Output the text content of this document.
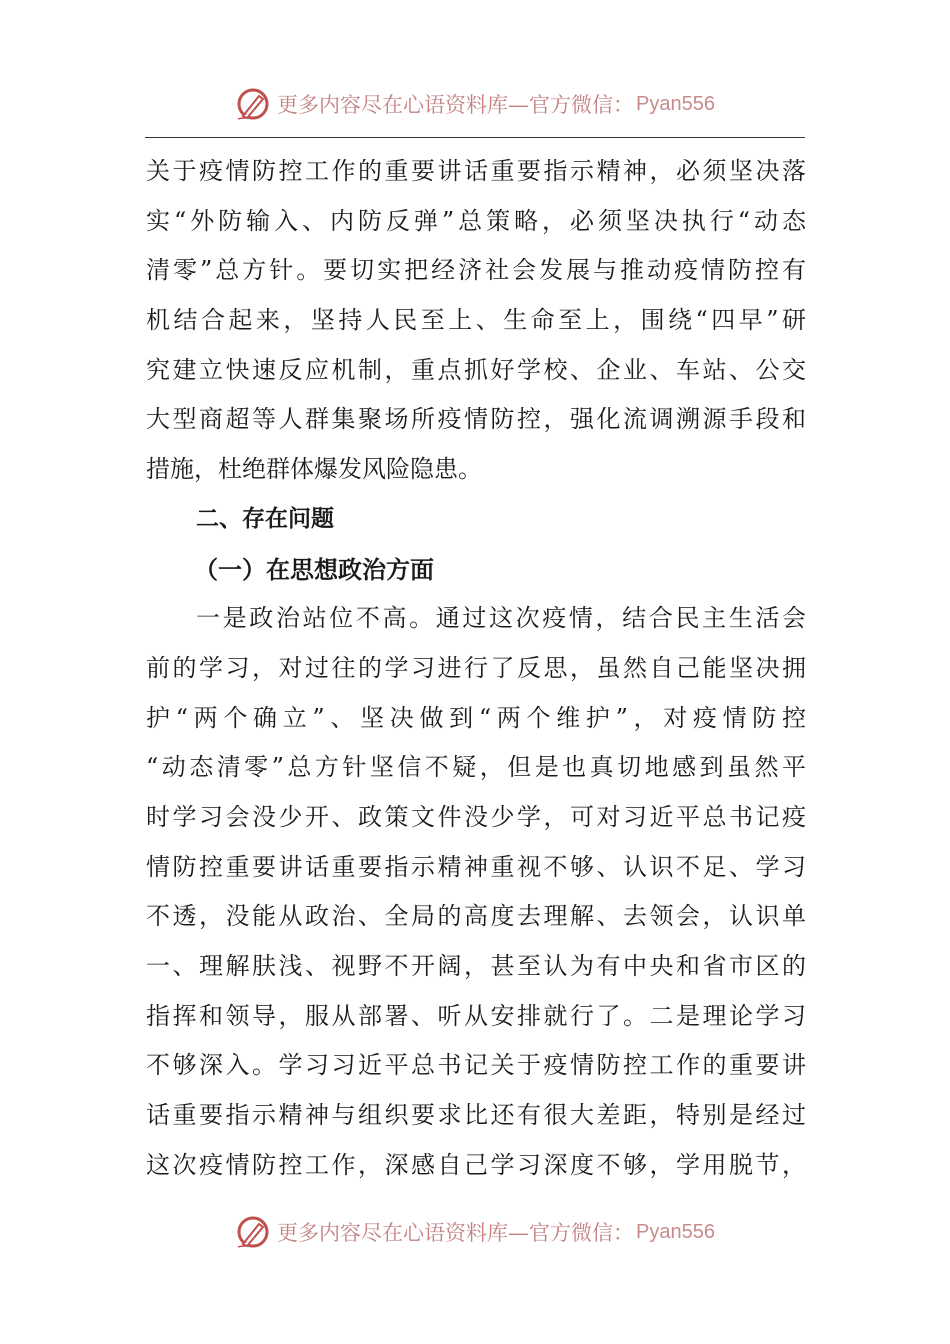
更多内容尽在心语资料库—官方微信： Pyan556
关于疫情防控工作的重要讲话重要指示精神，必须坚决落
实“外防输入、内防反弹”总策略，必须坚决执行“动态
清零”总方针。要切实把经济社会发展与推动疫情防控有
机结合起来，坚持人民至上、生命至上，围绕“四早”研
究建立快速反应机制，重点抓好学校、企业、车站、公交
大型商超等人群集聚场所疫情防控，强化流调溯源手段和
措施，杜绝群体爆发风险隐患。
二、存在问题
（一）在思想政治方面
一是政治站位不高。通过这次疫情，结合民主生活会
前的学习，对过往的学习进行了反思，虽然自己能坚决拥
护“两个确立”、坚决做到“两个维护”，对疫情防控
“动态清零”总方针坚信不疑，但是也真切地感到虽然平
时学习会没少开、政策文件没少学，可对习近平总书记疫
情防控重要讲话重要指示精神重视不够、认识不足、学习
不透，没能从政治、全局的高度去理解、去领会，认识单
一、理解肤浅、视野不开阔，甚至认为有中央和省市区的
指挥和领导，服从部署、听从安排就行了。二是理论学习
不够深入。学习习近平总书记关于疫情防控工作的重要讲
话重要指示精神与组织要求比还有很大差距，特别是经过
这次疫情防控工作，深感自己学习深度不够，学用脱节，
更多内容尽在心语资料库—官方微信： Pyan556
